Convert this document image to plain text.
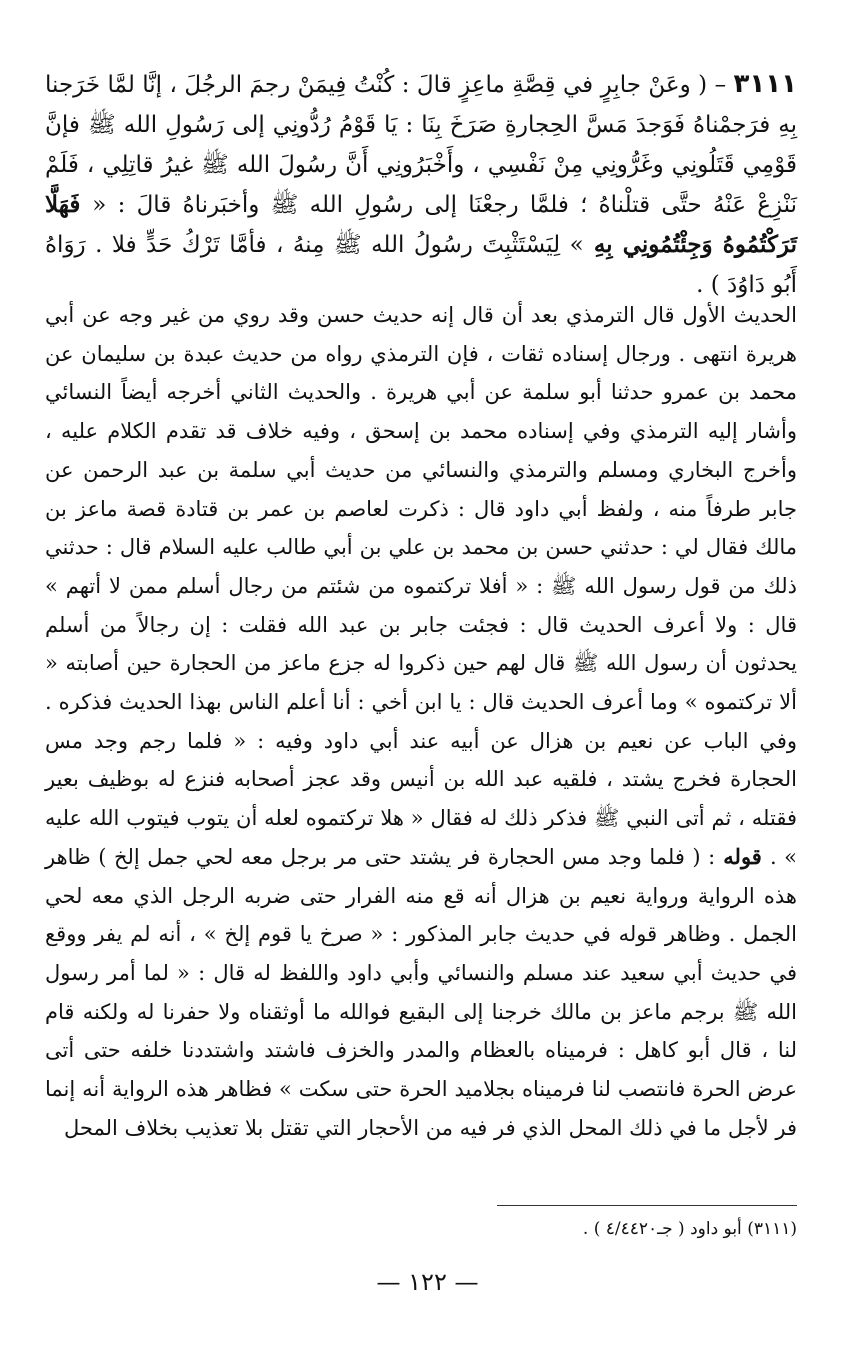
٣١١١ – ( وعَنْ جابِرٍ في قِصَّةِ ماعِزٍ قالَ : كُنْتُ فِيمَنْ رجمَ الرجُلَ ، إنَّا لمَّا خَرَجنا بِهِ فرَجمْناهُ فَوَجدَ مَسَّ الحِجارةِ صَرَخَ بِنَا : يَا قَوْمُ رُدُّونِي إلى رَسُولِ الله ﷺ فإنَّ قَوْمِي قَتَلُونِي وغَرُّونِي مِنْ نَفْسِي ، وأَخْبَرُونِي أَنَّ رسُولَ الله ﷺ غيرُ قاتِلِي ، فَلَمْ نَنْزِعْ عَنْهُ حتَّى قتلْناهُ ؛ فلمَّا رجعْنَا إلى رسُولِ الله ﷺ وأخبَرناهُ قالَ : « فَهَلَّا تَرَكْتُمُوهُ وَجِئْتُمُونِي بِهِ » لِيَسْتَثْبِتَ رسُولُ الله ﷺ مِنهُ ، فأمَّا تَرْكُ حَدٍّ فلا . رَوَاهُ أَبُو دَاوُدَ ) .

الحديث الأول قال الترمذي بعد أن قال إنه حديث حسن وقد روي من غير وجه عن أبي هريرة انتهى . ورجال إسناده ثقات ، فإن الترمذي رواه من حديث عبدة بن سليمان عن محمد بن عمرو حدثنا أبو سلمة عن أبي هريرة . والحديث الثاني أخرجه أيضاً النسائي وأشار إليه الترمذي وفي إسناده محمد بن إسحق ، وفيه خلاف قد تقدم الكلام عليه ، وأخرج البخاري ومسلم والترمذي والنسائي من حديث أبي سلمة بن عبد الرحمن عن جابر طرفاً منه ، ولفظ أبي داود قال : ذكرت لعاصم بن عمر بن قتادة قصة ماعز بن مالك فقال لي : حدثني حسن بن محمد بن علي بن أبي طالب عليه السلام قال : حدثني ذلك من قول رسول الله ﷺ : « أفلا تركتموه من شئتم من رجال أسلم ممن لا أتهم » قال : ولا أعرف الحديث قال : فجئت جابر بن عبد الله فقلت : إن رجالاً من أسلم يحدثون أن رسول الله ﷺ قال لهم حين ذكروا له جزع ماعز من الحجارة حين أصابته « ألا تركتموه » وما أعرف الحديث قال : يا ابن أخي : أنا أعلم الناس بهذا الحديث فذكره . وفي الباب عن نعيم بن هزال عن أبيه عند أبي داود وفيه : « فلما رجم وجد مس الحجارة فخرج يشتد ، فلقيه عبد الله بن أنيس وقد عجز أصحابه فنزع له بوظيف بعير فقتله ، ثم أتى النبي ﷺ فذكر ذلك له فقال « هلا تركتموه لعله أن يتوب فيتوب الله عليه » . قوله : ( فلما وجد مس الحجارة فر يشتد حتى مر برجل معه لحي جمل إلخ ) ظاهر هذه الرواية ورواية نعيم بن هزال أنه قع منه الفرار حتى ضربه الرجل الذي معه لحي الجمل . وظاهر قوله في حديث جابر المذكور : « صرخ يا قوم إلخ » ، أنه لم يفر ووقع في حديث أبي سعيد عند مسلم والنسائي وأبي داود واللفظ له قال : « لما أمر رسول الله ﷺ برجم ماعز بن مالك خرجنا إلى البقيع فوالله ما أوثقناه ولا حفرنا له ولكنه قام لنا ، قال أبو كاهل : فرميناه بالعظام والمدر والخزف فاشتد واشتددنا خلفه حتى أتى عرض الحرة فانتصب لنا فرميناه بجلاميد الحرة حتى سكت » فظاهر هذه الرواية أنه إنما فر لأجل ما في ذلك المحل الذي فر فيه من الأحجار التي تقتل بلا تعذيب بخلاف المحل

(٣١١١) أبو داود ( جـ٤/٤٤٢٠ ) .
— ١٢٢ —
